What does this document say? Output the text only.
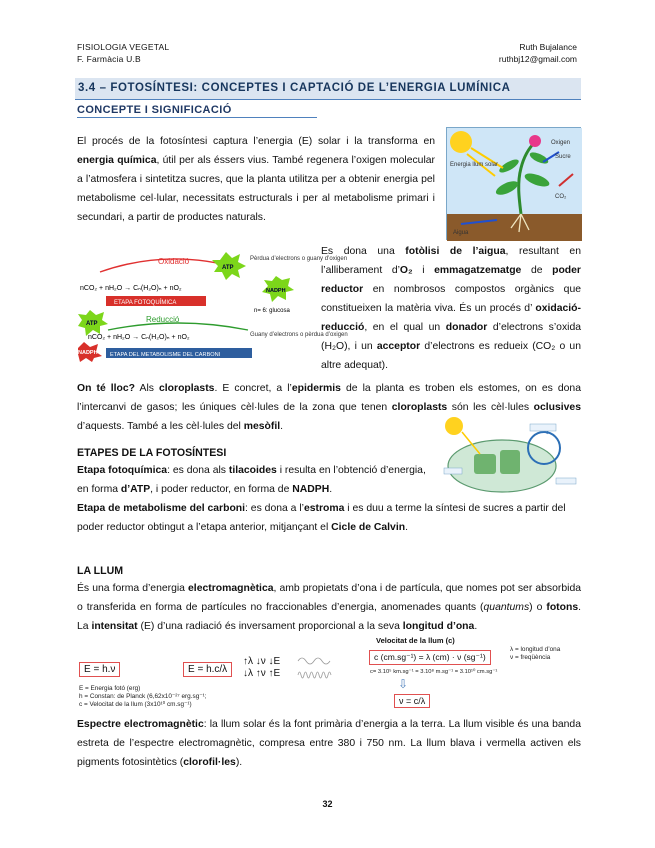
FISIOLOGIA VEGETAL
F. Farmàcia U.B
Ruth Bujalance
ruthbj12@gmail.com
3.4 – FOTOSÍNTESI: CONCEPTES I CAPTACIÓ DE L’ENERGIA LUMÍNICA
CONCEPTE I SIGNIFICACIÓ
El procés de la fotosíntesi captura l’energia (E) solar i la transforma en energia química, útil per als éssers vius. També regenera l’oxigen molecular a l’atmosfera i sintetitza sucres, que la planta utilitza per a obtenir energia pel metabolisme cel·lular, necessitats estructurals i per al metabolisme primari i secundari, a partir de productes naturals.
Oxigen
Energia llum solar
CO₂
Sucre
Aigua
Oxidació
ATP
Pèrdua d’electrons o guany d’oxigen
NADPH
nCO₂ + nH₂O → Cₙ(H₂O)ₙ + nO₂
ETAPA FOTOQUÍMICA
n= 6: glucosa
ATP	Reducció
nCO₂ + nH₂O → Cₙ(H₂O)ₙ + nO₂	Guany d’electrons o pèrdua d’oxigen
NADPH ETAPA DEL METABOLISME DEL CARBONI
Es dona una fotòlisi de l’aigua, resultant en l’alliberament d’O₂ i emmagatzematge de poder reductor en nombrosos compostos orgànics que constitueixen la matèria viva. És un procés d’ oxidació-reducció, en el qual un donador d’electrons s’oxida (H₂O), i un acceptor d’electrons es redueix (CO₂ o un altre adequat).
On té lloc? Als cloroplasts. E concret, a l’epidermis de la planta es troben els estomes, on es dona l’intercanvi de gasos; les úniques cèl·lules de la zona que tenen cloroplasts són les cèl·lules oclusives d’aquests. També a les cèl·lules del mesòfil.
ETAPES DE LA FOTOSÍNTESI
Etapa fotoquímica: es dona als tilacoides i resulta en l’obtenció d’energia, en forma d’ATP, i poder reductor, en forma de NADPH.
Etapa de metabolisme del carboni: es dona a l’estroma i es duu a terme la síntesi de sucres a partir del poder reductor obtingut a l’etapa anterior, mitjançant el Cicle de Calvin.
LA LLUM
És una forma d’energia electromagnètica, amb propietats d’ona i de partícula, que nomes pot ser absorbida o transferida en forma de partícules no fraccionables d’energia, anomenades quants (quantums) o fotons. La intensitat (E) d’una radiació és inversament proporcional a la seva longitud d’ona.
E = h.ν	E = h.c/λ
↑λ ↓ν ↓E
↓λ ↑ν ↑E
E = Energia fotó (erg)
h = Constan: de Planck (6,62x10⁻²⁷ erg.sg⁻¹;
c = Velocitat de la llum (3x10¹⁰ cm.sg⁻¹)
Velocitat de la llum (c)
c (cm.sg⁻¹) = λ (cm) · ν (sg⁻¹)
c= 3.10⁵ km.sg⁻¹ = 3.10⁸ m.sg⁻¹ = 3.10¹⁰ cm.sg⁻¹
⇩
ν = c/λ
λ = longitud d’ona
ν = freqüència
Espectre electromagnètic: la llum solar és la font primària d’energia a la terra. La llum visible és una banda estreta de l’espectre electromagnètic, compresa entre 380 i 750 nm. La llum blava i vermella activen els pigments fotosintètics (clorofil·les).
32
